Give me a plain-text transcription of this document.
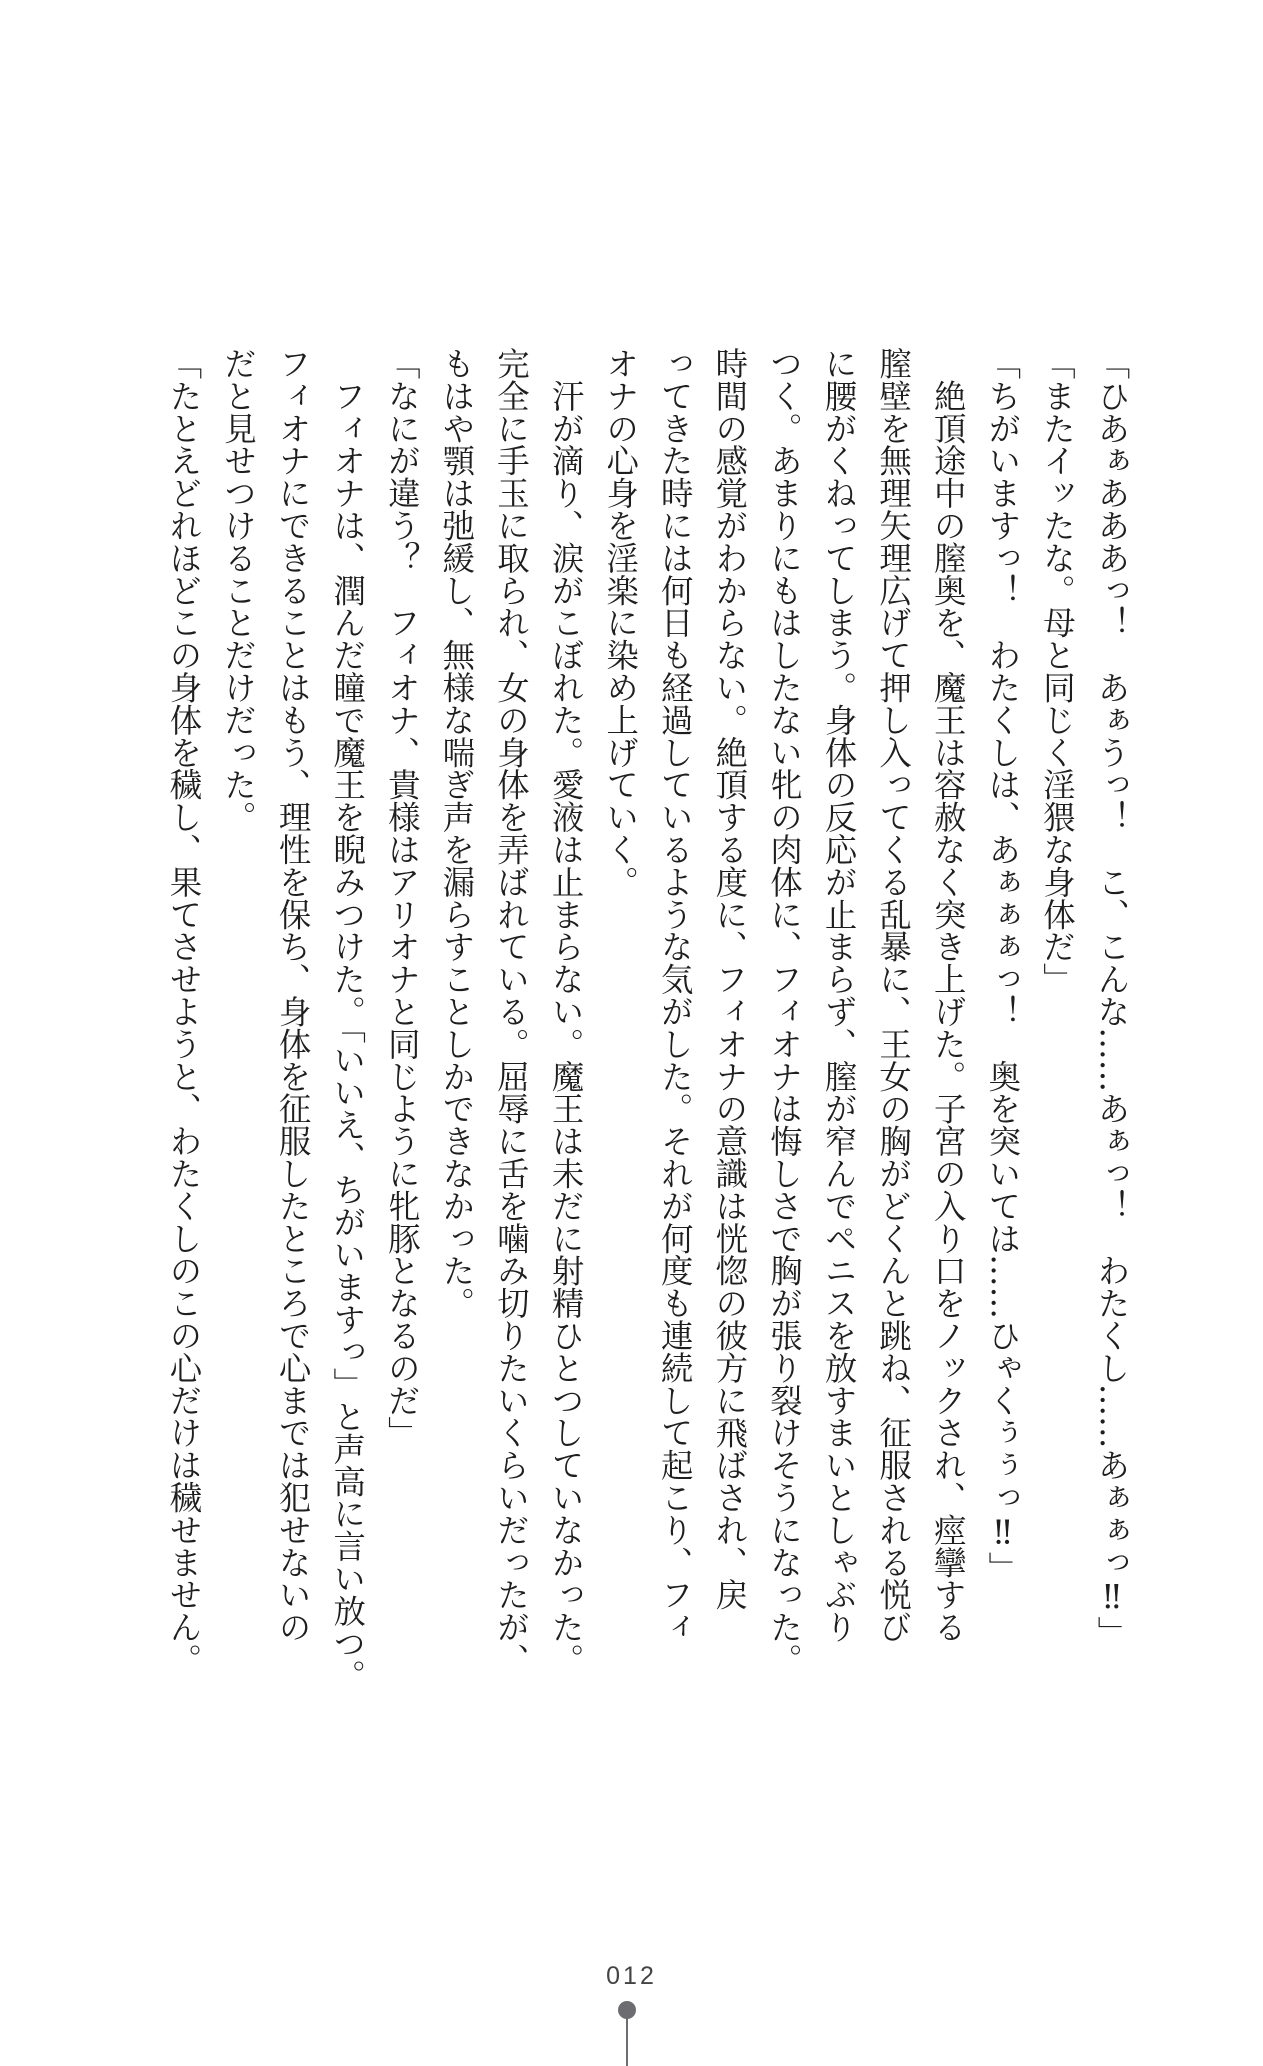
「ひあぁあああっ！　あぁうっ！　こ、こんな……あぁっ！　わたくし……あぁぁっ‼」
「またイッたな。母と同じく淫猥な身体だ」
「ちがいますっ！　わたくしは、あぁぁぁっ！　奥を突いては……ひゃくぅぅっ‼」
　絶頂途中の膣奥を、魔王は容赦なく突き上げた。子宮の入り口をノックされ、痙攣する
膣壁を無理矢理広げて押し入ってくる乱暴に、王女の胸がどくんと跳ね、征服される悦び
に腰がくねってしまう。身体の反応が止まらず、膣が窄んでペニスを放すまいとしゃぶり
つく。あまりにもはしたない牝の肉体に、フィオナは悔しさで胸が張り裂けそうになった。
時間の感覚がわからない。絶頂する度に、フィオナの意識は恍惚の彼方に飛ばされ、戻
ってきた時には何日も経過しているような気がした。それが何度も連続して起こり、フィ
オナの心身を淫楽に染め上げていく。
　汗が滴り、涙がこぼれた。愛液は止まらない。魔王は未だに射精ひとつしていなかった。
完全に手玉に取られ、女の身体を弄ばれている。屈辱に舌を噛み切りたいくらいだったが、
もはや顎は弛緩し、無様な喘ぎ声を漏らすことしかできなかった。
「なにが違う？　フィオナ、貴様はアリオナと同じように牝豚となるのだ」
　フィオナは、潤んだ瞳で魔王を睨みつけた。「いいえ、ちがいますっ」と声高に言い放つ。
フィオナにできることはもう、理性を保ち、身体を征服したところで心までは犯せないの
だと見せつけることだけだった。
「たとえどれほどこの身体を穢し、果てさせようと、わたくしのこの心だけは穢せません。
012
